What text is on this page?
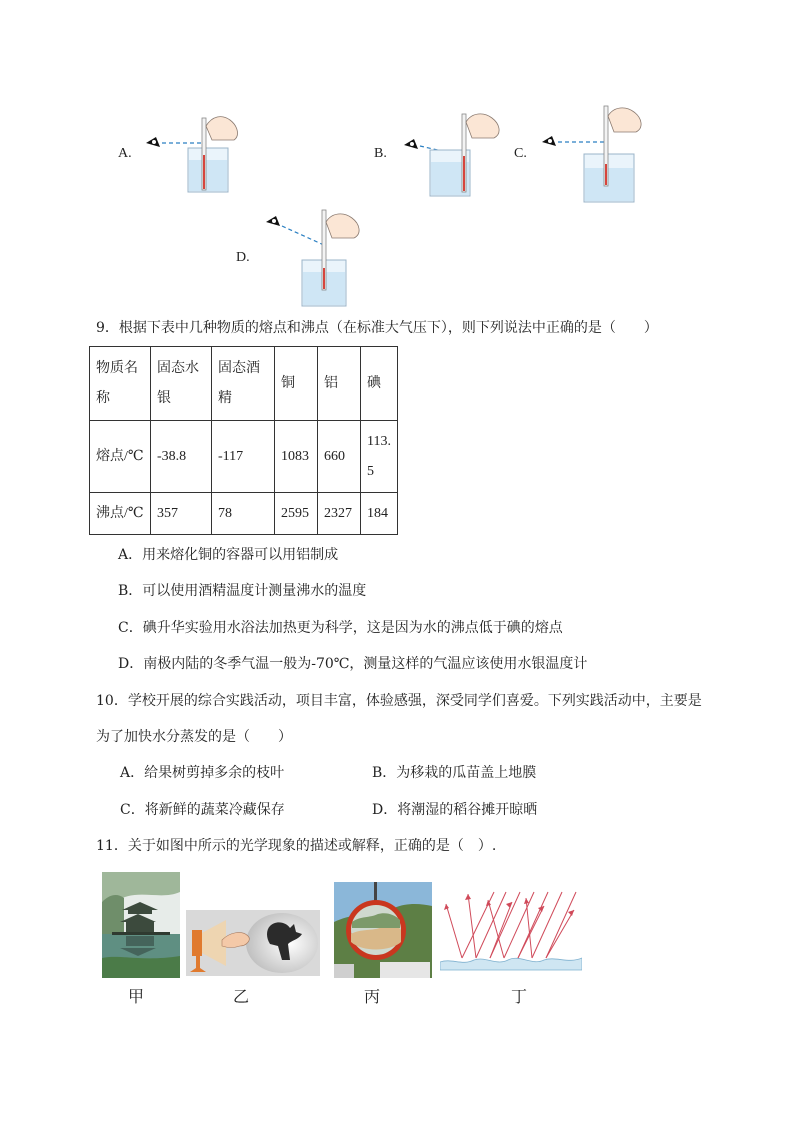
A.	B.	C.
D.
9．根据下表中几种物质的熔点和沸点（在标准大气压下），则下列说法中正确的是（　　）
物质名称	固态水银	固态酒精	铜	铝	碘
熔点/℃	-38.8	-117	1083	660	113.5
沸点/℃	357	78	2595	2327	184
A．用来熔化铜的容器可以用铝制成
B．可以使用酒精温度计测量沸水的温度
C．碘升华实验用水浴法加热更为科学，这是因为水的沸点低于碘的熔点
D．南极内陆的冬季气温一般为-70℃，测量这样的气温应该使用水银温度计
10．学校开展的综合实践活动，项目丰富，体验感强，深受同学们喜爱。下列实践活动中，主要是
为了加快水分蒸发的是（　　）
A．给果树剪掉多余的枝叶	B．为移栽的瓜苗盖上地膜
C．将新鲜的蔬菜冷藏保存	D．将潮湿的稻谷摊开晾晒
11．关于如图中所示的光学现象的描述或解释，正确的是（　）.
甲	乙	丙	丁
